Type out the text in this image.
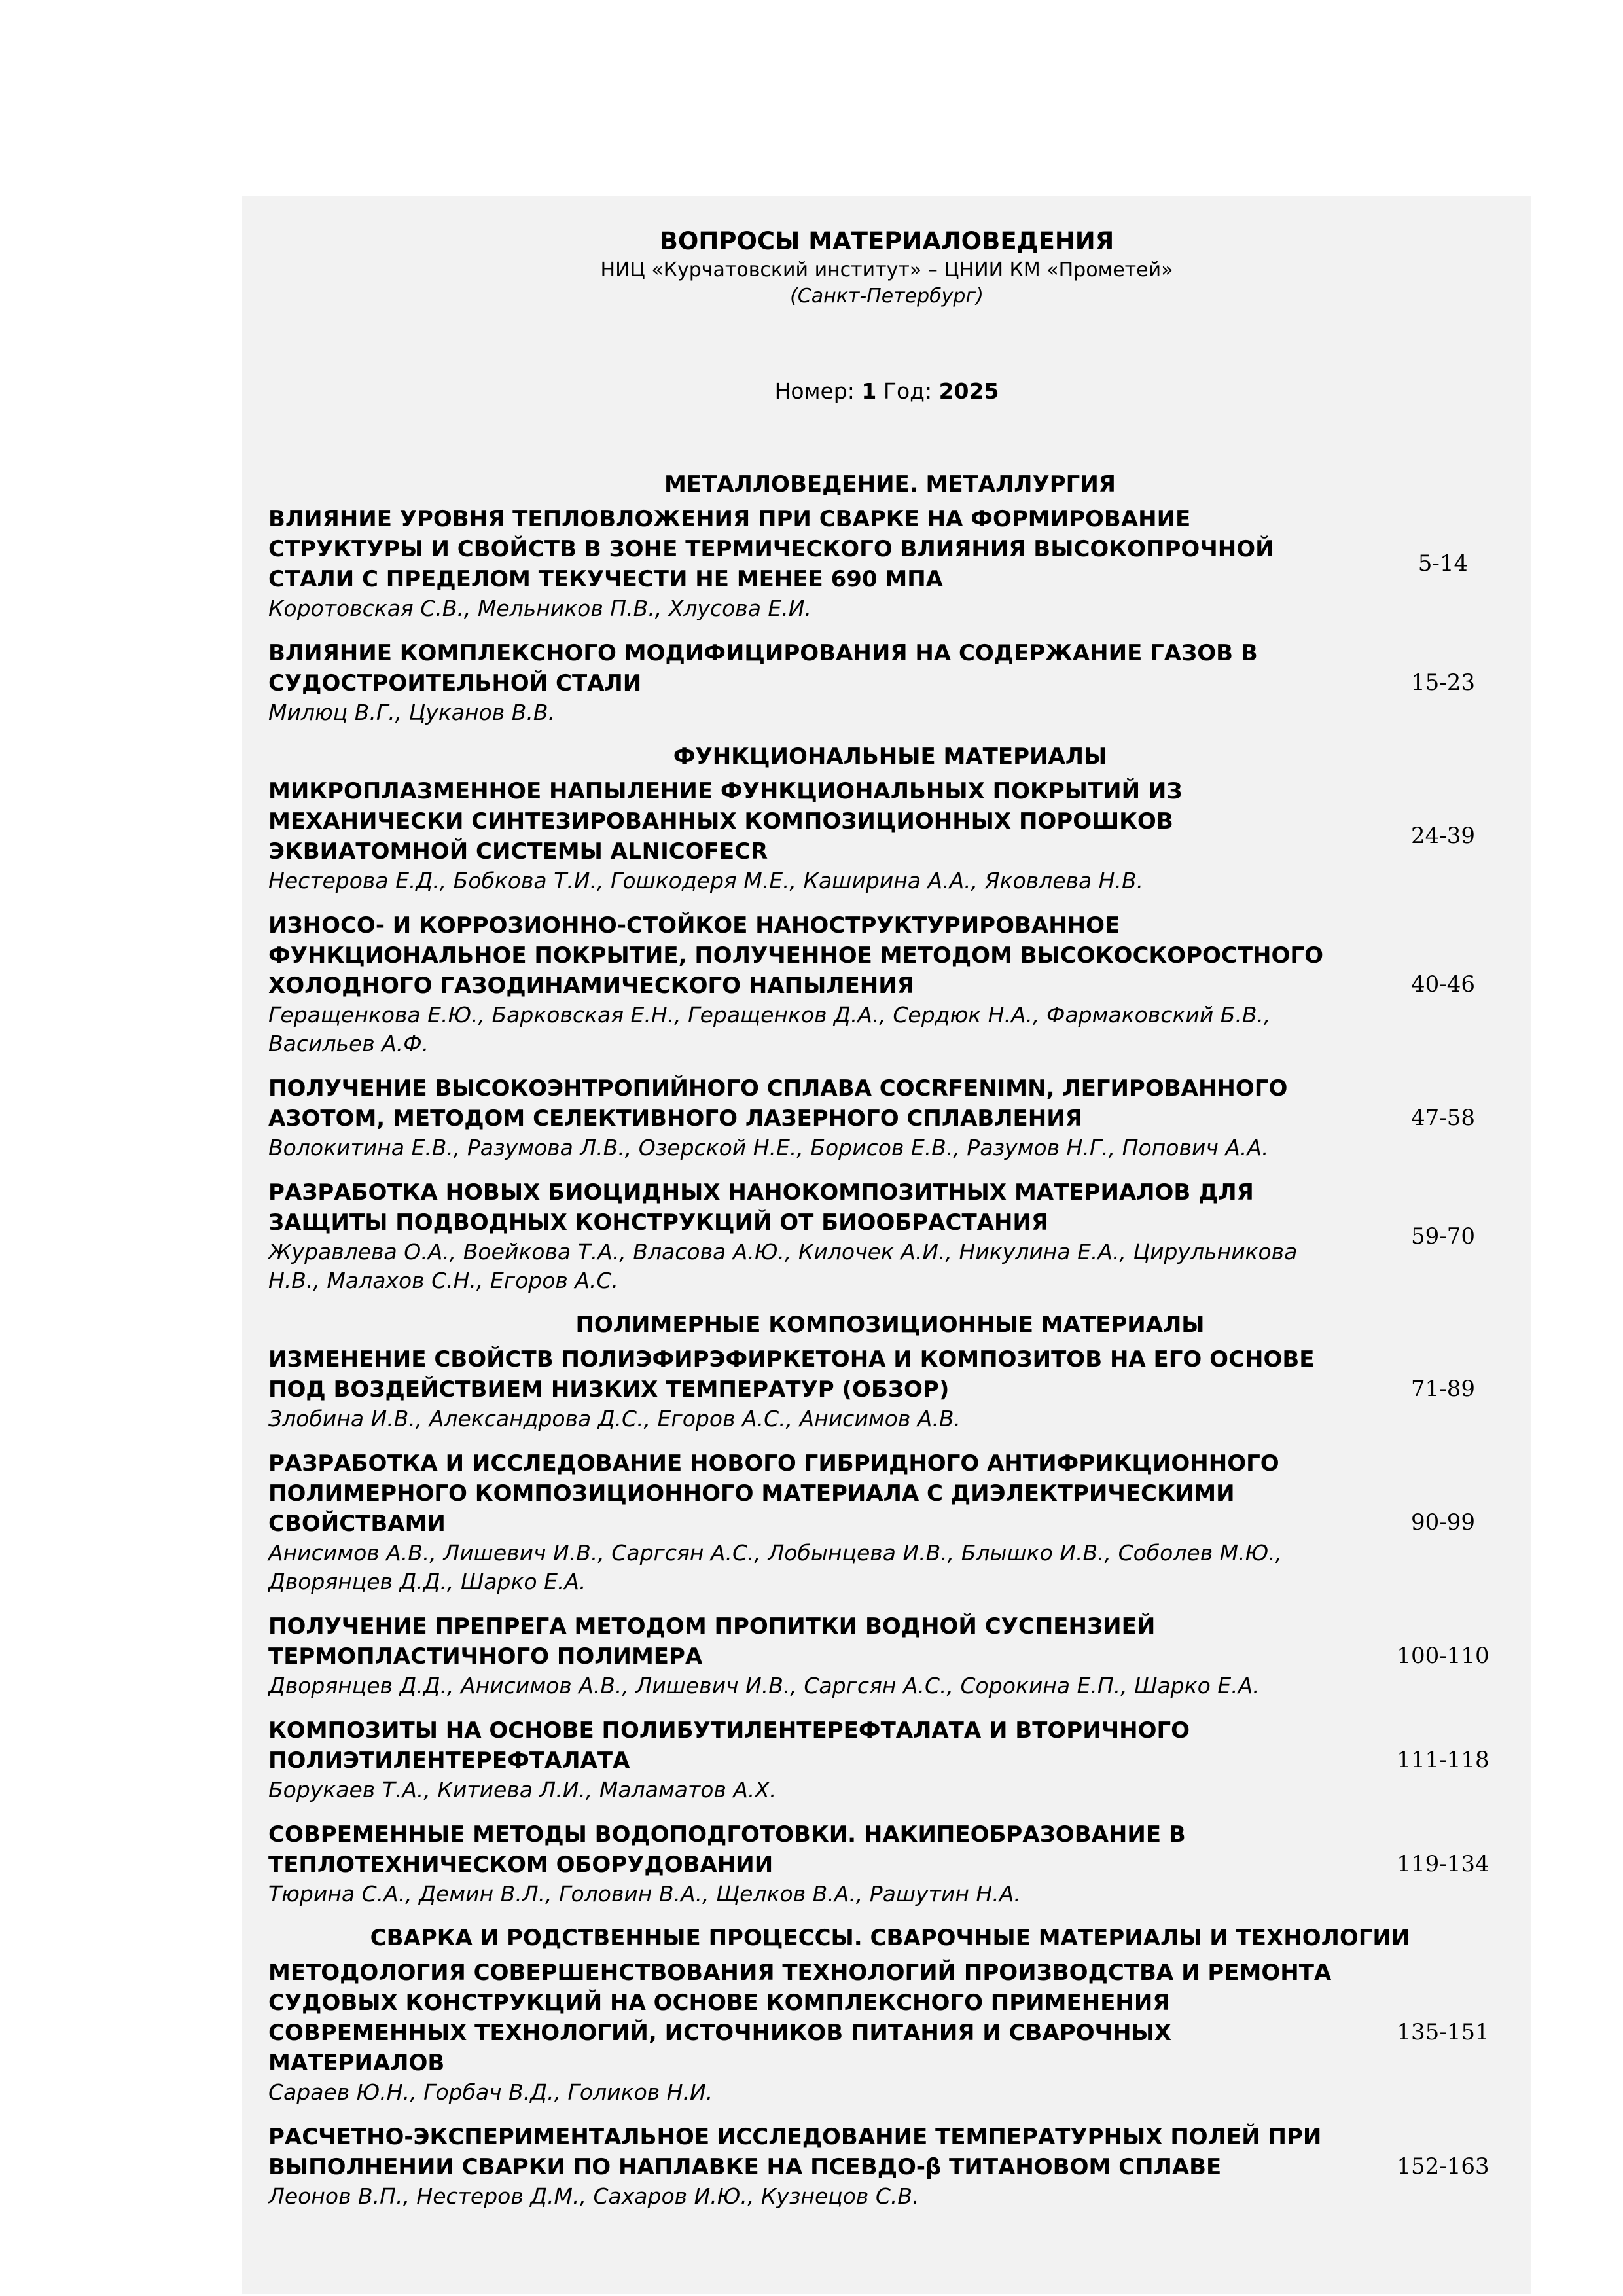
ВОПРОСЫ МАТЕРИАЛОВЕДЕНИЯ
НИЦ «Курчатовский институт» – ЦНИИ КМ «Прометей»
(Санкт-Петербург)
Номер: 1 Год: 2025
МЕТАЛЛОВЕДЕНИЕ. МЕТАЛЛУРГИЯ
ВЛИЯНИЕ УРОВНЯ ТЕПЛОВЛОЖЕНИЯ ПРИ СВАРКЕ НА ФОРМИРОВАНИЕ
СТРУКТУРЫ И СВОЙСТВ В ЗОНЕ ТЕРМИЧЕСКОГО ВЛИЯНИЯ ВЫСОКОПРОЧНОЙ
СТАЛИ С ПРЕДЕЛОМ ТЕКУЧЕСТИ НЕ МЕНЕЕ 690 МПА
Коротовская С.В., Мельников П.В., Хлусова Е.И.
5-14
ВЛИЯНИЕ КОМПЛЕКСНОГО МОДИФИЦИРОВАНИЯ НА СОДЕРЖАНИЕ ГАЗОВ В
СУДОСТРОИТЕЛЬНОЙ СТАЛИ
Милюц В.Г., Цуканов В.В.
15-23
ФУНКЦИОНАЛЬНЫЕ МАТЕРИАЛЫ
МИКРОПЛАЗМЕННОЕ НАПЫЛЕНИЕ ФУНКЦИОНАЛЬНЫХ ПОКРЫТИЙ ИЗ
МЕХАНИЧЕСКИ СИНТЕЗИРОВАННЫХ КОМПОЗИЦИОННЫХ ПОРОШКОВ
ЭКВИАТОМНОЙ СИСТЕМЫ ALNICOFECR
Нестерова Е.Д., Бобкова Т.И., Гошкодеря М.Е., Каширина А.А., Яковлева Н.В.
24-39
ИЗНОСО- И КОРРОЗИОННО-СТОЙКОЕ НАНОСТРУКТУРИРОВАННОЕ
ФУНКЦИОНАЛЬНОЕ ПОКРЫТИЕ, ПОЛУЧЕННОЕ МЕТОДОМ ВЫСОКОСКОРОСТНОГО
ХОЛОДНОГО ГАЗОДИНАМИЧЕСКОГО НАПЫЛЕНИЯ
Геращенкова Е.Ю., Барковская Е.Н., Геращенков Д.А., Сердюк Н.А., Фармаковский Б.В.,
Васильев А.Ф.
40-46
ПОЛУЧЕНИЕ ВЫСОКОЭНТРОПИЙНОГО СПЛАВА COCRFENIMN, ЛЕГИРОВАННОГО
АЗОТОМ, МЕТОДОМ СЕЛЕКТИВНОГО ЛАЗЕРНОГО СПЛАВЛЕНИЯ
Волокитина Е.В., Разумова Л.В., Озерской Н.Е., Борисов Е.В., Разумов Н.Г., Попович А.А.
47-58
РАЗРАБОТКА НОВЫХ БИОЦИДНЫХ НАНОКОМПОЗИТНЫХ МАТЕРИАЛОВ ДЛЯ
ЗАЩИТЫ ПОДВОДНЫХ КОНСТРУКЦИЙ ОТ БИООБРАСТАНИЯ
Журавлева О.А., Воейкова Т.А., Власова А.Ю., Килочек А.И., Никулина Е.А., Цирульникова
Н.В., Малахов С.Н., Егоров А.С.
59-70
ПОЛИМЕРНЫЕ КОМПОЗИЦИОННЫЕ МАТЕРИАЛЫ
ИЗМЕНЕНИЕ СВОЙСТВ ПОЛИЭФИРЭФИРКЕТОНА И КОМПОЗИТОВ НА ЕГО ОСНОВЕ
ПОД ВОЗДЕЙСТВИЕМ НИЗКИХ ТЕМПЕРАТУР (ОБЗОР)
Злобина И.В., Александрова Д.С., Егоров А.С., Анисимов А.В.
71-89
РАЗРАБОТКА И ИССЛЕДОВАНИЕ НОВОГО ГИБРИДНОГО АНТИФРИКЦИОННОГО
ПОЛИМЕРНОГО КОМПОЗИЦИОННОГО МАТЕРИАЛА С ДИЭЛЕКТРИЧЕСКИМИ
СВОЙСТВАМИ
Анисимов А.В., Лишевич И.В., Саргсян А.С., Лобынцева И.В., Блышко И.В., Соболев М.Ю.,
Дворянцев Д.Д., Шарко Е.А.
90-99
ПОЛУЧЕНИЕ ПРЕПРЕГА МЕТОДОМ ПРОПИТКИ ВОДНОЙ СУСПЕНЗИЕЙ
ТЕРМОПЛАСТИЧНОГО ПОЛИМЕРА
Дворянцев Д.Д., Анисимов А.В., Лишевич И.В., Саргсян А.С., Сорокина Е.П., Шарко Е.А.
100-110
КОМПОЗИТЫ НА ОСНОВЕ ПОЛИБУТИЛЕНТЕРЕФТАЛАТА И ВТОРИЧНОГО
ПОЛИЭТИЛЕНТЕРЕФТАЛАТА
Борукаев Т.А., Китиева Л.И., Маламатов А.Х.
111-118
СОВРЕМЕННЫЕ МЕТОДЫ ВОДОПОДГОТОВКИ. НАКИПЕОБРАЗОВАНИЕ В
ТЕПЛОТЕХНИЧЕСКОМ ОБОРУДОВАНИИ
Тюрина С.А., Демин В.Л., Головин В.А., Щелков В.А., Рашутин Н.А.
119-134
СВАРКА И РОДСТВЕННЫЕ ПРОЦЕССЫ. СВАРОЧНЫЕ МАТЕРИАЛЫ И ТЕХНОЛОГИИ
МЕТОДОЛОГИЯ СОВЕРШЕНСТВОВАНИЯ ТЕХНОЛОГИЙ ПРОИЗВОДСТВА И РЕМОНТА
СУДОВЫХ КОНСТРУКЦИЙ НА ОСНОВЕ КОМПЛЕКСНОГО ПРИМЕНЕНИЯ
СОВРЕМЕННЫХ ТЕХНОЛОГИЙ, ИСТОЧНИКОВ ПИТАНИЯ И СВАРОЧНЫХ
МАТЕРИАЛОВ
Сараев Ю.Н., Горбач В.Д., Голиков Н.И.
135-151
РАСЧЕТНО-ЭКСПЕРИМЕНТАЛЬНОЕ ИССЛЕДОВАНИЕ ТЕМПЕРАТУРНЫХ ПОЛЕЙ ПРИ
ВЫПОЛНЕНИИ СВАРКИ ПО НАПЛАВКЕ НА ПСЕВДО-β ТИТАНОВОМ СПЛАВЕ
Леонов В.П., Нестеров Д.М., Сахаров И.Ю., Кузнецов С.В.
152-163
